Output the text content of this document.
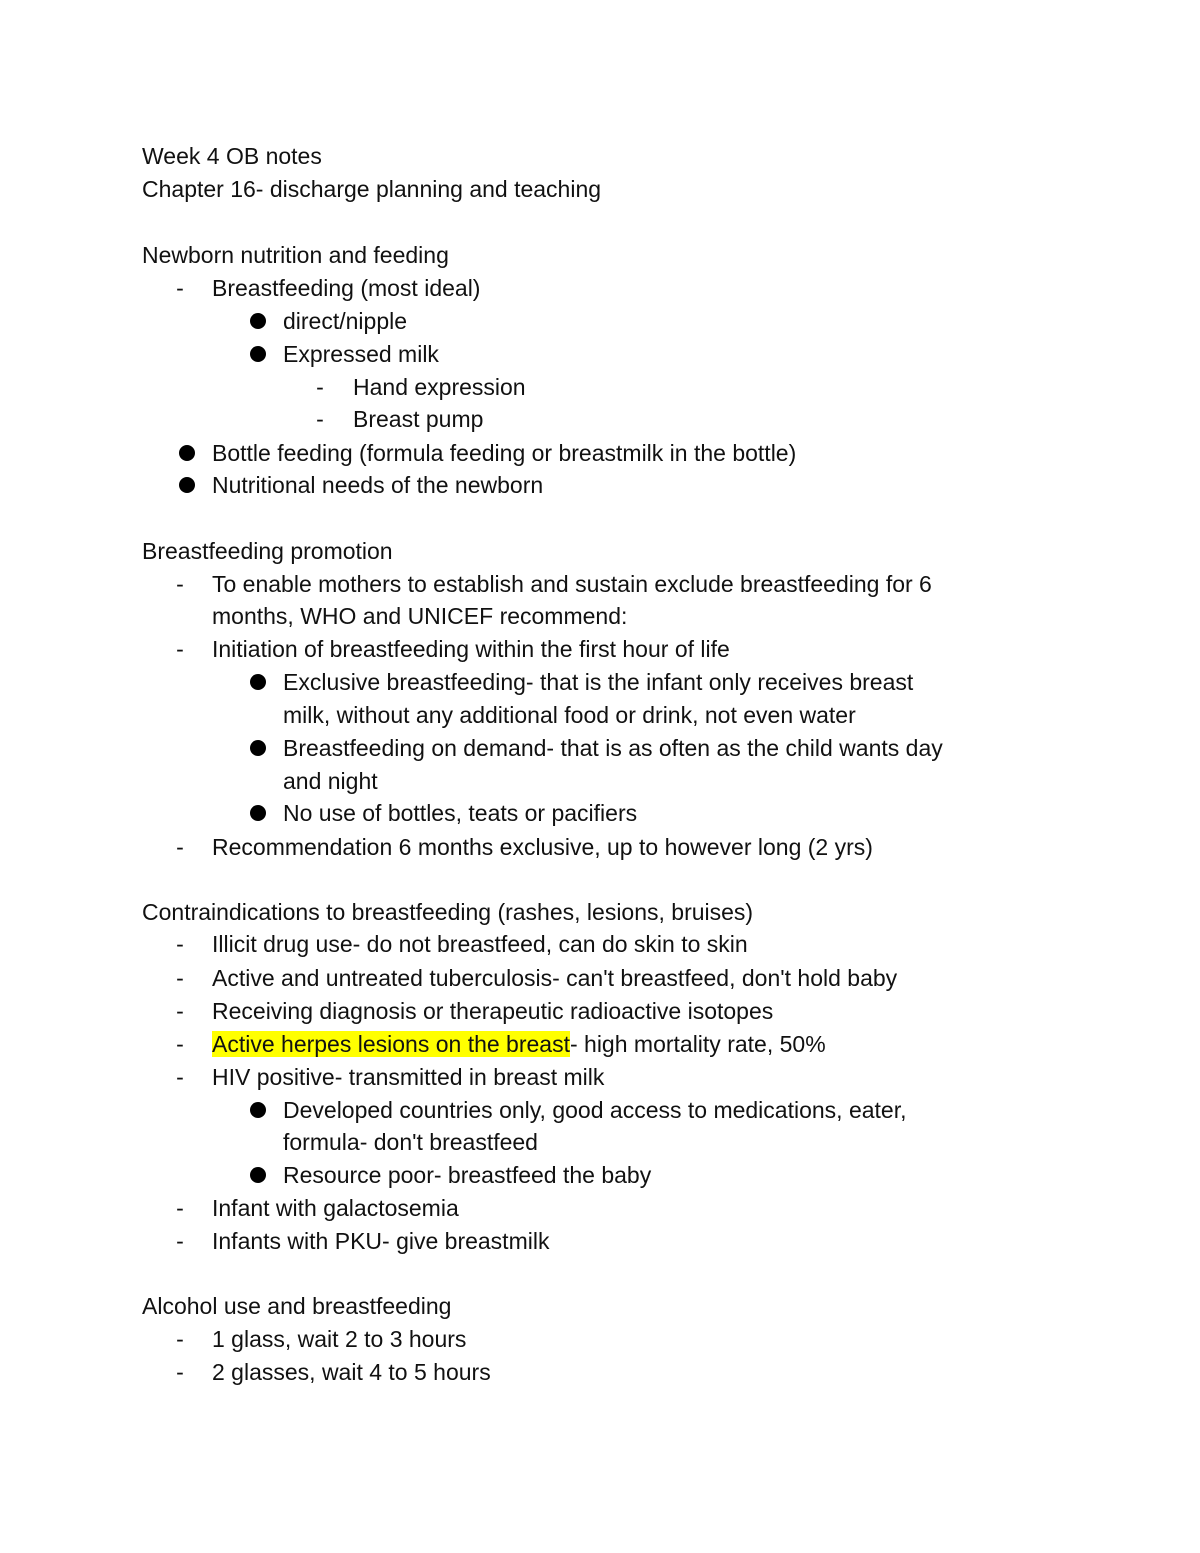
Week 4 OB notes
Chapter 16- discharge planning and teaching
Newborn nutrition and feeding
- Breastfeeding (most ideal)
direct/nipple
Expressed milk
- Hand expression
- Breast pump
Bottle feeding (formula feeding or breastmilk in the bottle)
Nutritional needs of the newborn
Breastfeeding promotion
- To enable mothers to establish and sustain exclude breastfeeding for 6
months, WHO and UNICEF recommend:
- Initiation of breastfeeding within the first hour of life
Exclusive breastfeeding- that is the infant only receives breast
milk, without any additional food or drink, not even water
Breastfeeding on demand- that is as often as the child wants day
and night
No use of bottles, teats or pacifiers
- Recommendation 6 months exclusive, up to however long (2 yrs)
Contraindications to breastfeeding (rashes, lesions, bruises)
- Illicit drug use- do not breastfeed, can do skin to skin
- Active and untreated tuberculosis- can't breastfeed, don't hold baby
- Receiving diagnosis or therapeutic radioactive isotopes
- Active herpes lesions on the breast- high mortality rate, 50%
- HIV positive- transmitted in breast milk
Developed countries only, good access to medications, eater,
formula- don't breastfeed
Resource poor- breastfeed the baby
- Infant with galactosemia
- Infants with PKU- give breastmilk
Alcohol use and breastfeeding
- 1 glass, wait 2 to 3 hours
- 2 glasses, wait 4 to 5 hours
